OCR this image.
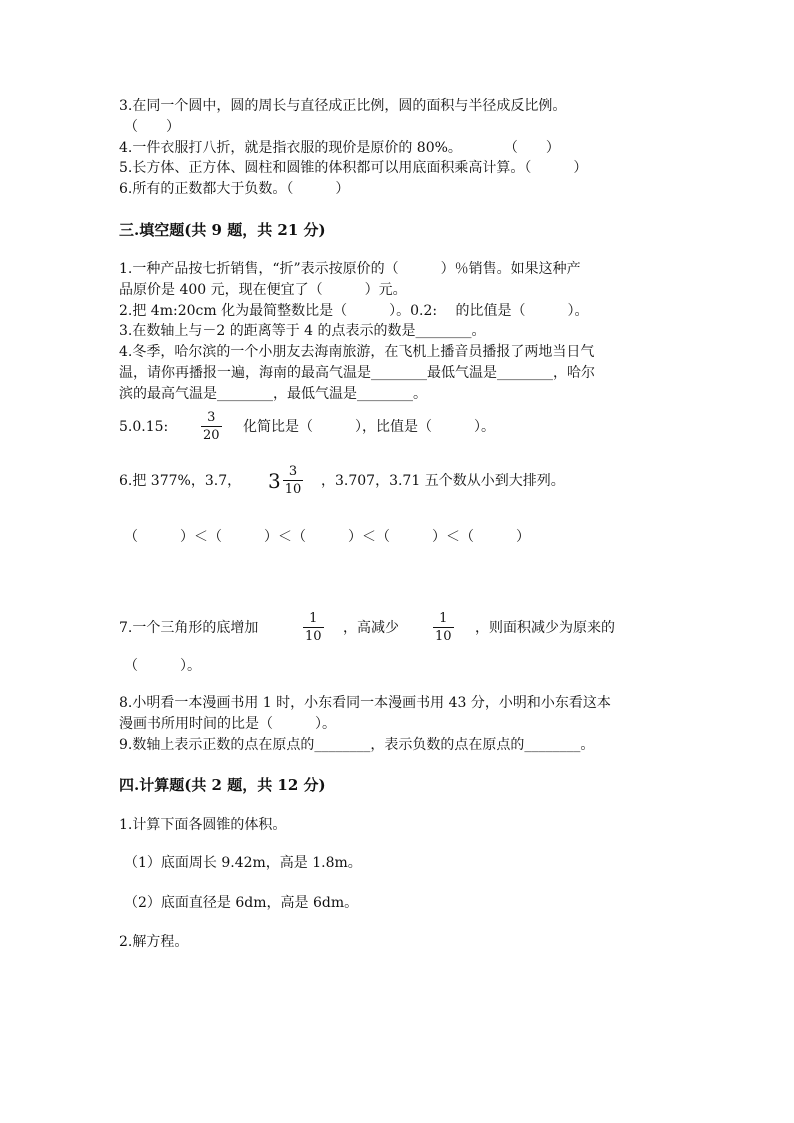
3.在同一个圆中，圆的周长与直径成正比例，圆的面积与半径成反比例。
（　　）
4.一件衣服打八折，就是指衣服的现价是原价的 80%。　　　　（　　）
5.长方体、正方体、圆柱和圆锥的体积都可以用底面积乘高计算。（　　　）
6.所有的正数都大于负数。（　　　）
三.填空题(共 9 题，共 21 分)
1.一种产品按七折销售，“折”表示按原价的（　　　）％销售。如果这种产
品原价是 400 元，现在便宜了（　　　）元。
2.把 4m:20cm 化为最简整数比是（　　　）。0.2:　 的比值是（　　　）。
3.在数轴上与－2 的距离等于 4 的点表示的数是________。
4.冬季，哈尔滨的一个小朋友去海南旅游，在飞机上播音员播报了两地当日气
温，请你再播报一遍，海南的最高气温是________最低气温是________，哈尔
滨的最高气温是________，最低气温是________。
5.0.15:
3
20
化简比是（　　　），比值是（　　　）。
6.把 377%，3.7， $3 \frac{3}{10}$ ，3.707，3.71 五个数从小到大排列。
（　　　）＜（　　　）＜（　　　）＜（　　　）＜（　　　）
7.一个三角形的底增加
1
10
，高减少
1
10
，则面积减少为原来的
（　　　）。
8.小明看一本漫画书用 1 时，小东看同一本漫画书用 43 分，小明和小东看这本
漫画书所用时间的比是（　　　）。
9.数轴上表示正数的点在原点的________，表示负数的点在原点的________。
四.计算题(共 2 题，共 12 分)
1.计算下面各圆锥的体积。
（1）底面周长 9.42m，高是 1.8m。
（2）底面直径是 6dm，高是 6dm。
2.解方程。
